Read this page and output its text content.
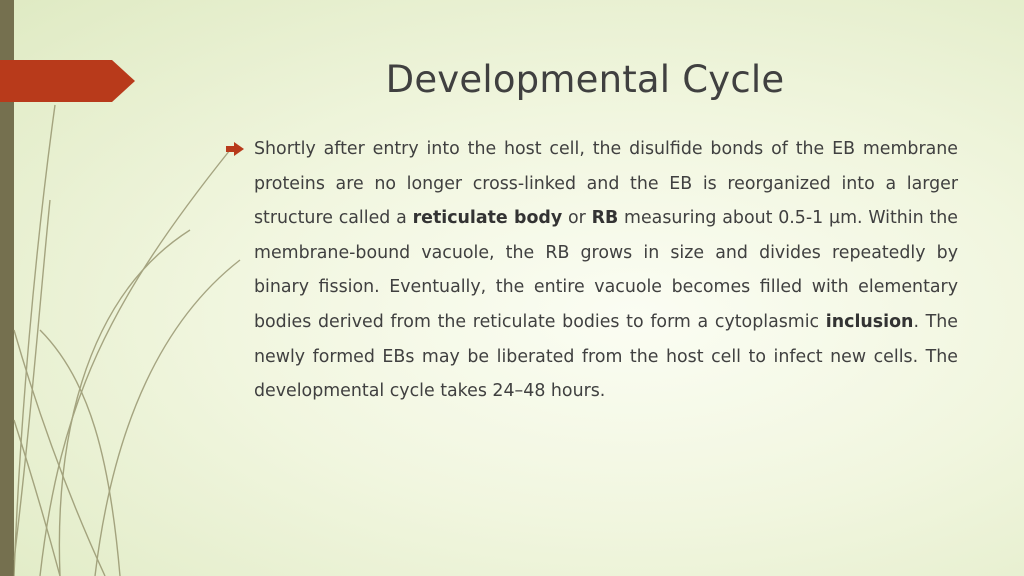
Developmental Cycle
Shortly after entry into the host cell, the disulfide bonds of the EB membrane proteins are no longer cross-linked and the EB is reorganized into a larger structure called a reticulate body or RB measuring about 0.5-1 µm. Within the membrane-bound vacuole, the RB grows in size and divides repeatedly by binary fission. Eventually, the entire vacuole becomes filled with elementary bodies derived from the reticulate bodies to form a cytoplasmic inclusion. The newly formed EBs may be liberated from the host cell to infect new cells. The developmental cycle takes 24–48 hours.
